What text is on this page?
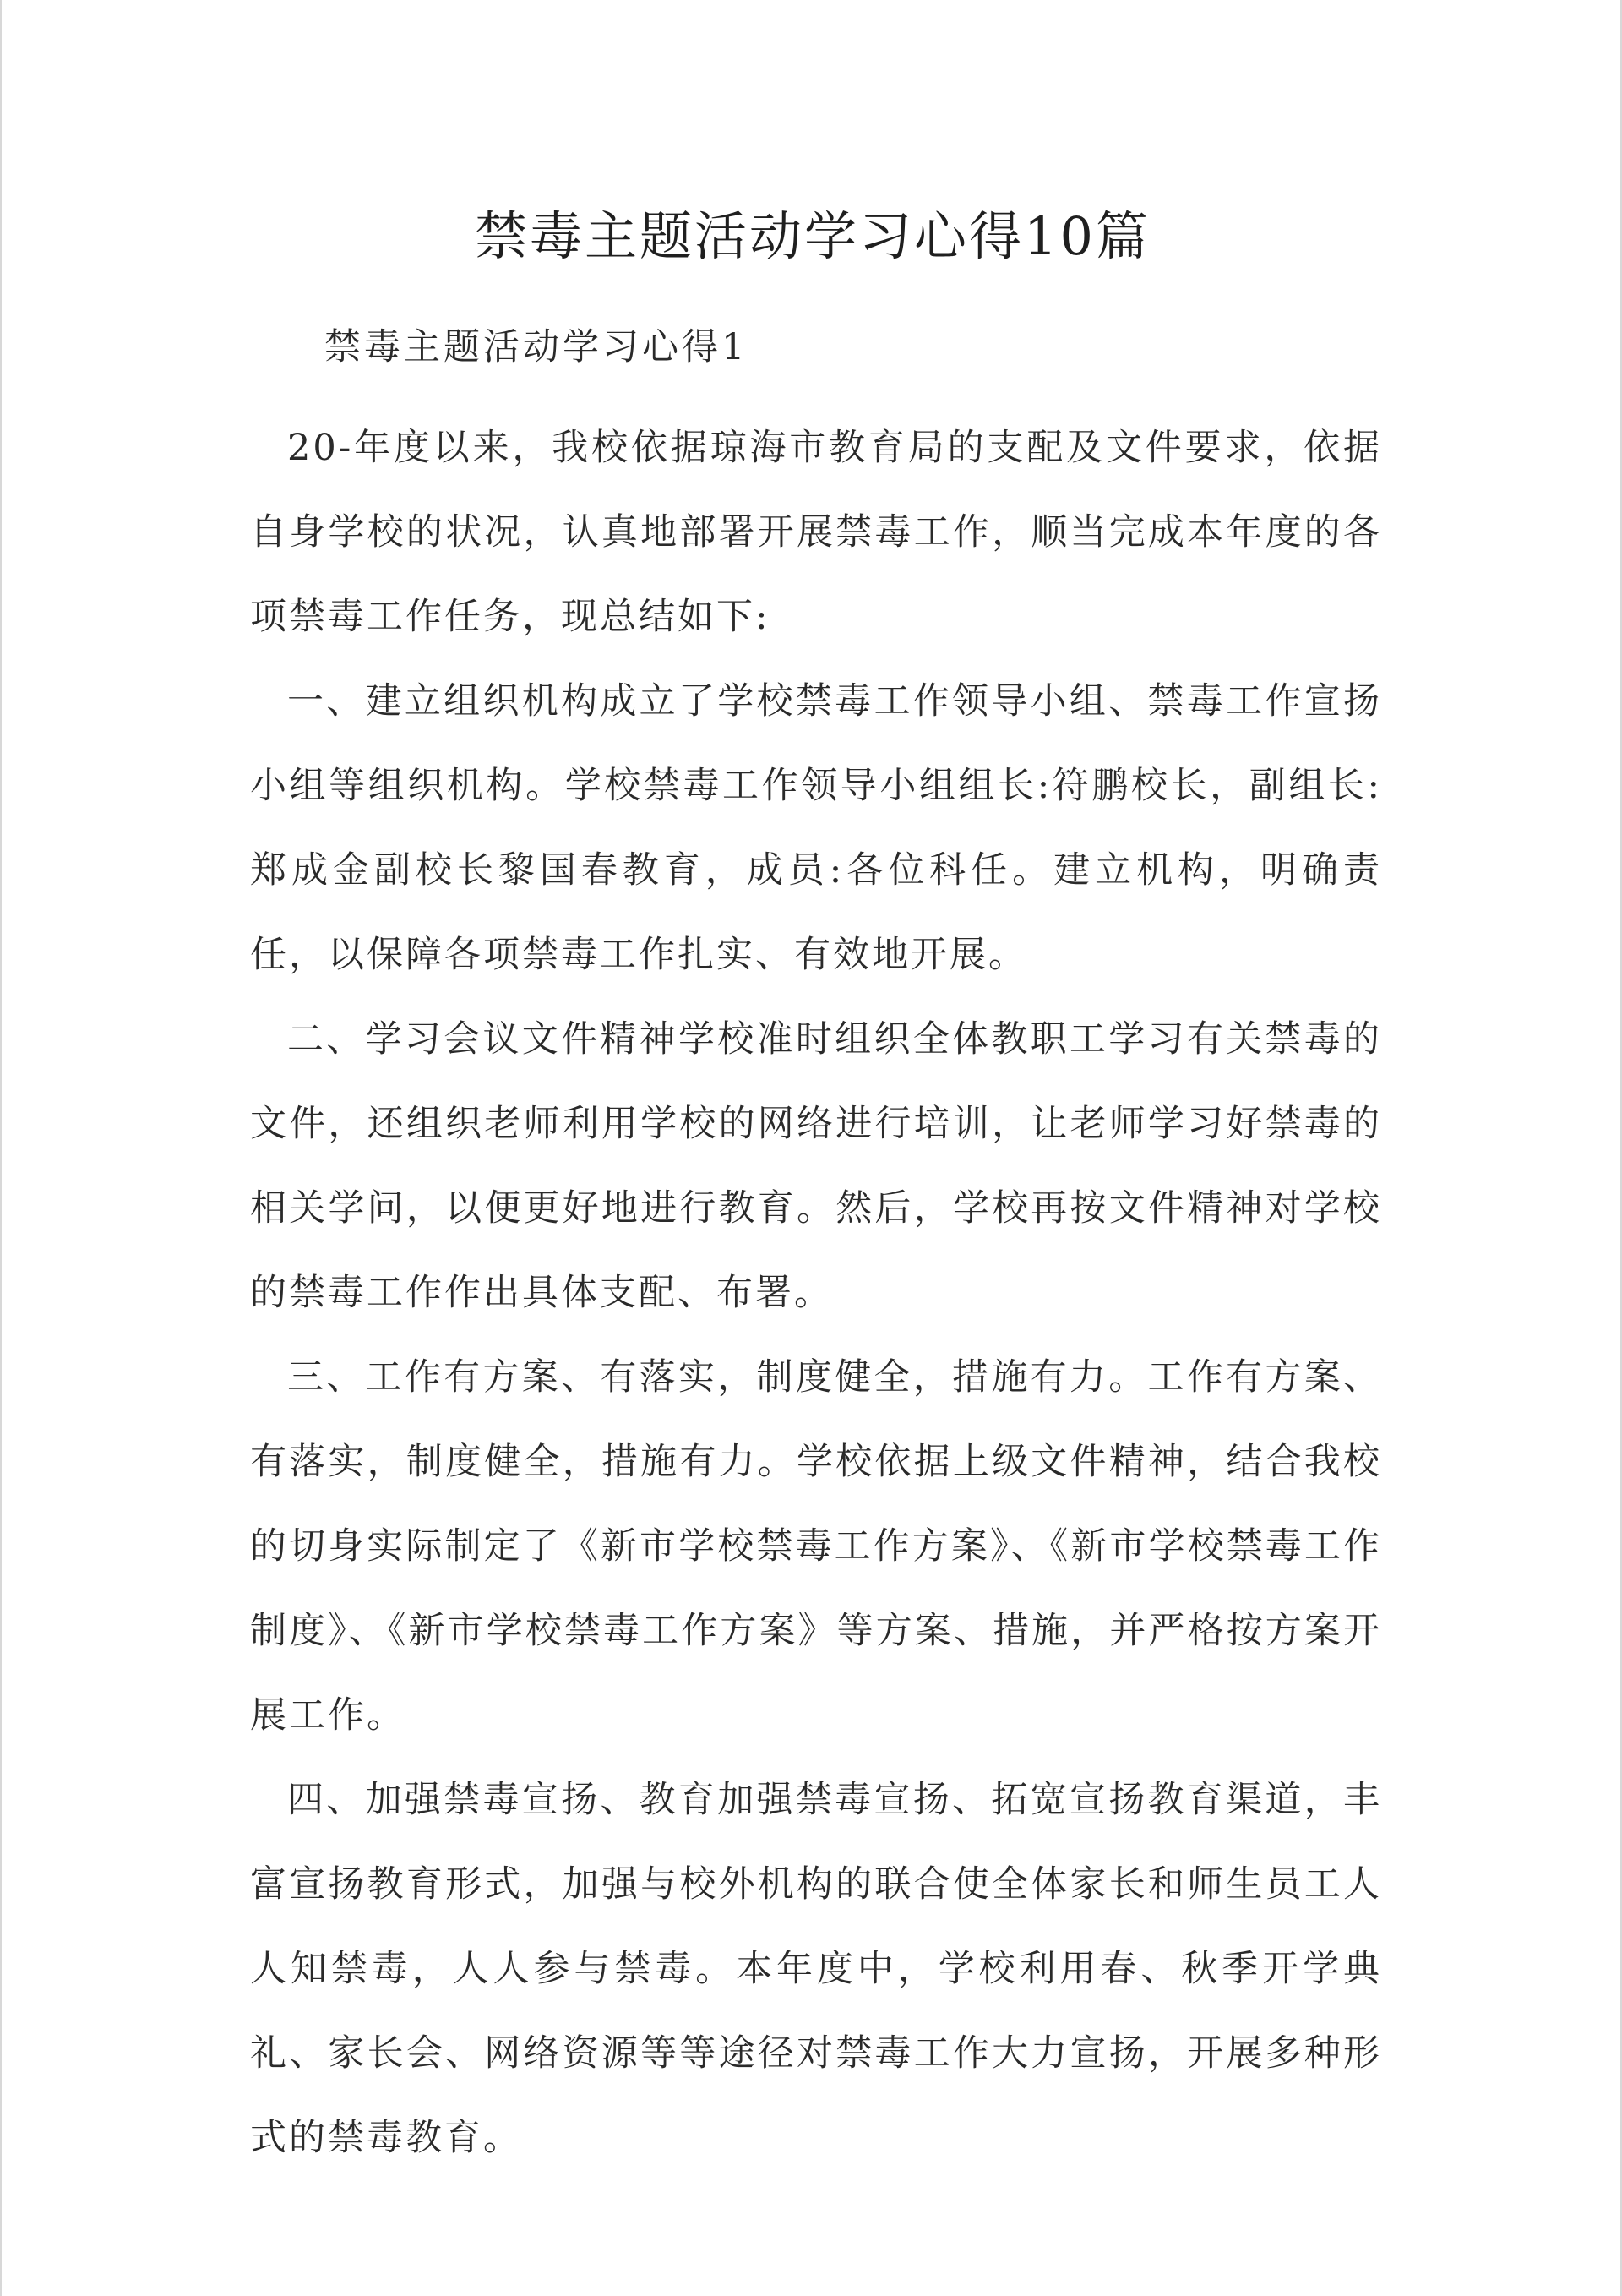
禁毒主题活动学习心得10篇
禁毒主题活动学习心得1

20-年度以来，我校依据琼海市教育局的支配及文件要求，依据自身学校的状况，认真地部署开展禁毒工作，顺当完成本年度的各项禁毒工作任务，现总结如下:

一、建立组织机构成立了学校禁毒工作领导小组、禁毒工作宣扬小组等组织机构。学校禁毒工作领导小组组长:符鹏校长，副组长:郑成金副校长黎国春教育，成员:各位科任。建立机构，明确责任，以保障各项禁毒工作扎实、有效地开展。

二、学习会议文件精神学校准时组织全体教职工学习有关禁毒的文件，还组织老师利用学校的网络进行培训，让老师学习好禁毒的相关学问，以便更好地进行教育。然后，学校再按文件精神对学校的禁毒工作作出具体支配、布署。

三、工作有方案、有落实，制度健全，措施有力。工作有方案、有落实，制度健全，措施有力。学校依据上级文件精神，结合我校的切身实际制定了《新市学校禁毒工作方案》、《新市学校禁毒工作制度》、《新市学校禁毒工作方案》等方案、措施，并严格按方案开展工作。

四、加强禁毒宣扬、教育加强禁毒宣扬、拓宽宣扬教育渠道，丰富宣扬教育形式，加强与校外机构的联合使全体家长和师生员工人人知禁毒，人人参与禁毒。本年度中，学校利用春、秋季开学典礼、家长会、网络资源等等途径对禁毒工作大力宣扬，开展多种形式的禁毒教育。
